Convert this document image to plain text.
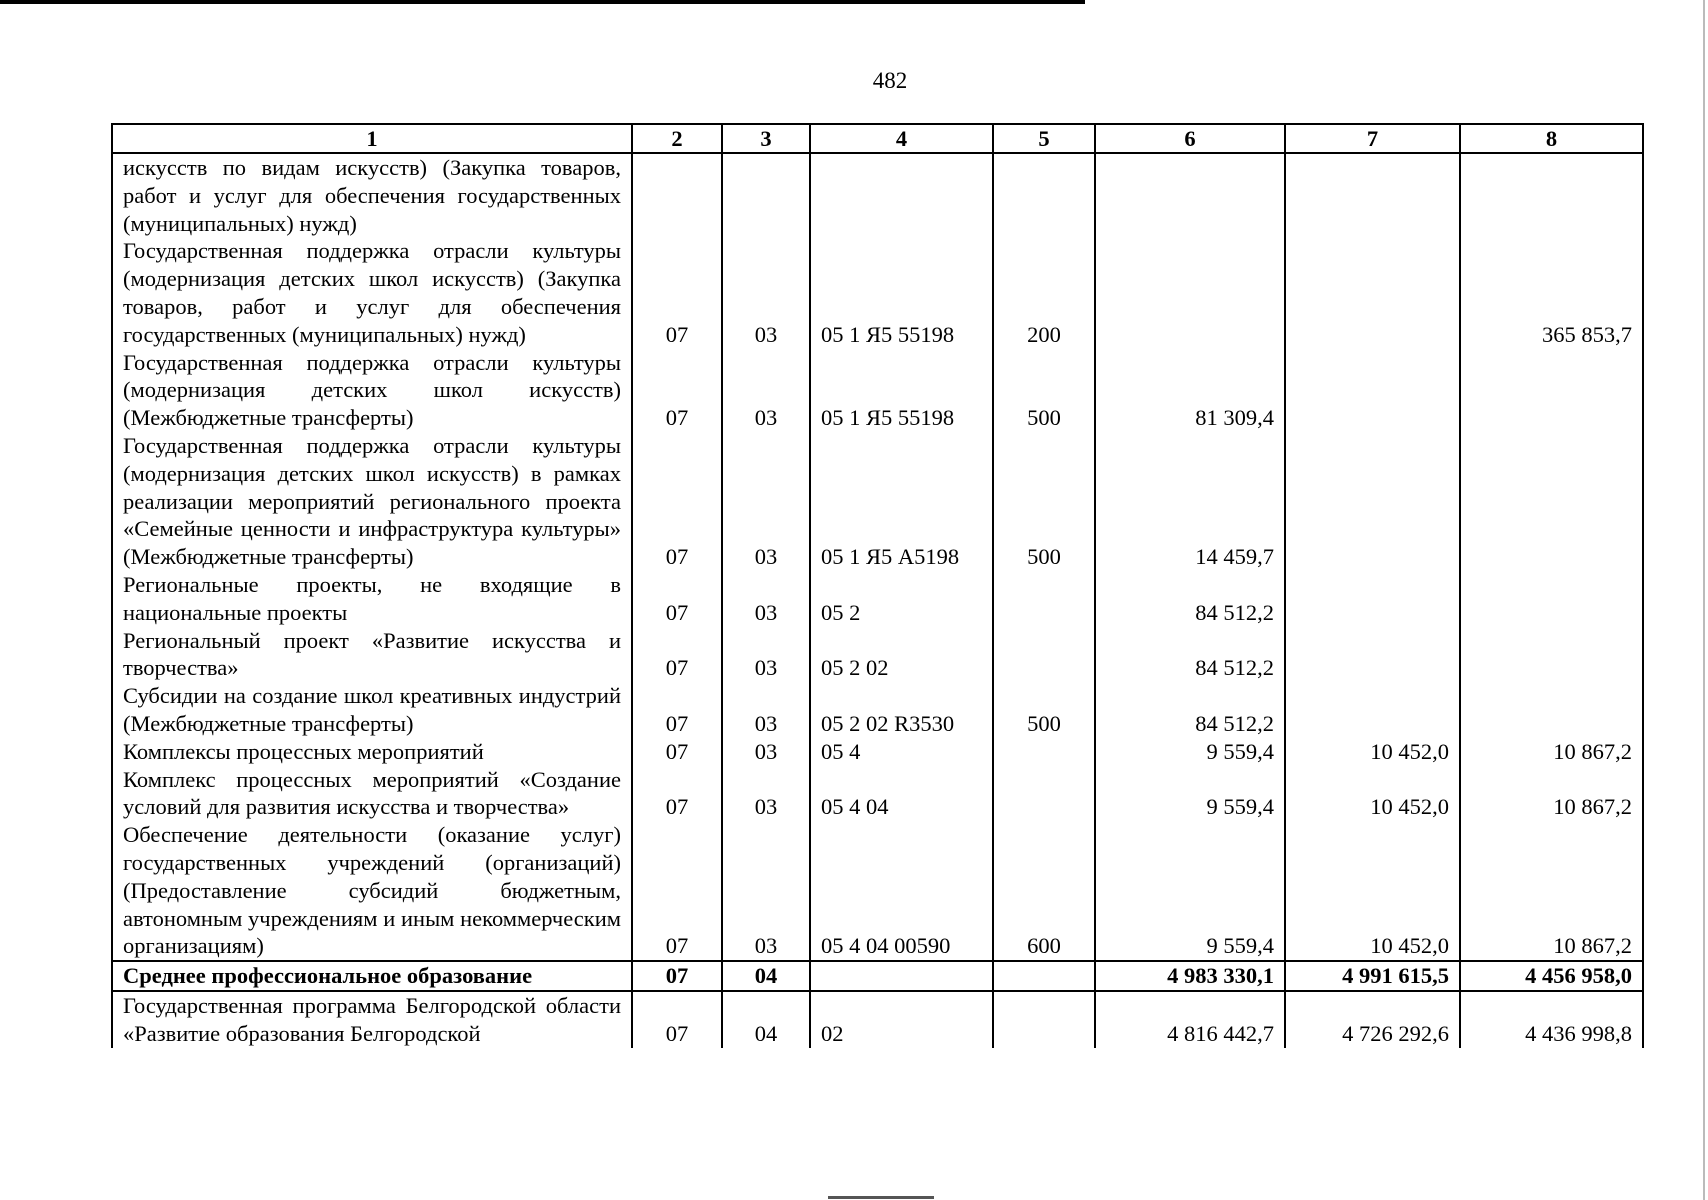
482
1	2	3	4	5	6	7	8
искусств по видам искусств) (Закупка товаров, работ и услуг для обеспечения государственных (муниципальных) нужд)							
Государственная поддержка отрасли культуры (модернизация детских школ искусств) (Закупка товаров, работ и услуг для обеспечения государственных (муниципальных) нужд)	07	03	05 1 Я5 55198	200			365 853,7
Государственная поддержка отрасли культуры (модернизация детских школ искусств) (Межбюджетные трансферты)	07	03	05 1 Я5 55198	500	81 309,4		
Государственная поддержка отрасли культуры (модернизация детских школ искусств) в рамках реализации мероприятий регионального проекта «Семейные ценности и инфраструктура культуры» (Межбюджетные трансферты)	07	03	05 1 Я5 А5198	500	14 459,7		
Региональные проекты, не входящие в национальные проекты	07	03	05 2		84 512,2		
Региональный проект «Развитие искусства и творчества»	07	03	05 2 02		84 512,2		
Субсидии на создание школ креативных индустрий (Межбюджетные трансферты)	07	03	05 2 02 R3530	500	84 512,2		
Комплексы процессных мероприятий	07	03	05 4		9 559,4	10 452,0	10 867,2
Комплекс процессных мероприятий «Создание условий для развития искусства и творчества»	07	03	05 4 04		9 559,4	10 452,0	10 867,2
Обеспечение деятельности (оказание услуг) государственных учреждений (организаций) (Предоставление субсидий бюджетным, автономным учреждениям и иным некоммерческим организациям)	07	03	05 4 04 00590	600	9 559,4	10 452,0	10 867,2
Среднее профессиональное образование	07	04			4 983 330,1	4 991 615,5	4 456 958,0
Государственная программа Белгородской области «Развитие образования Белгородской	07	04	02		4 816 442,7	4 726 292,6	4 436 998,8
